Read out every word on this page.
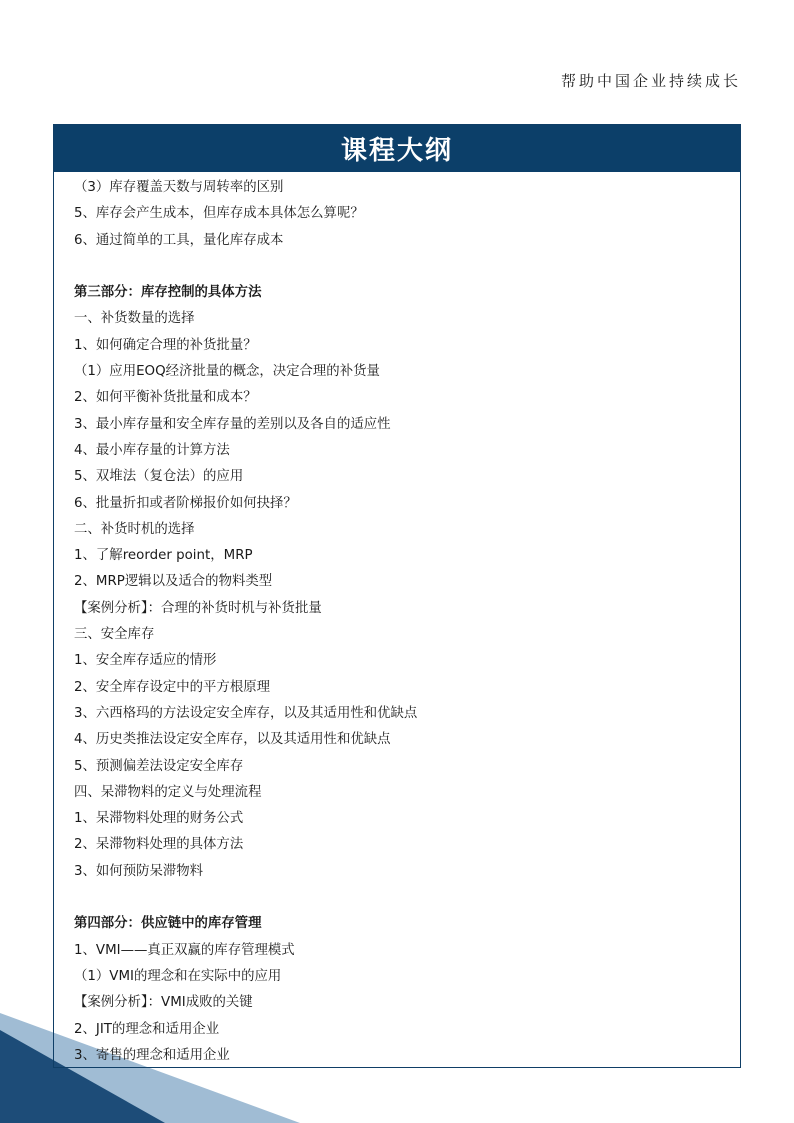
帮助中国企业持续成长
课程大纲
（3）库存覆盖天数与周转率的区别
5、库存会产生成本，但库存成本具体怎么算呢？
6、通过简单的工具，量化库存成本
第三部分：库存控制的具体方法
一、补货数量的选择
1、如何确定合理的补货批量？
（1）应用EOQ经济批量的概念，决定合理的补货量
2、如何平衡补货批量和成本？
3、最小库存量和安全库存量的差别以及各自的适应性
4、最小库存量的计算方法
5、双堆法（复仓法）的应用
6、批量折扣或者阶梯报价如何抉择？
二、补货时机的选择
1、了解reorder point，MRP
2、MRP逻辑以及适合的物料类型
【案例分析】：合理的补货时机与补货批量
三、安全库存
1、安全库存适应的情形
2、安全库存设定中的平方根原理
3、六西格玛的方法设定安全库存，以及其适用性和优缺点
4、历史类推法设定安全库存，以及其适用性和优缺点
5、预测偏差法设定安全库存
四、呆滞物料的定义与处理流程
1、呆滞物料处理的财务公式
2、呆滞物料处理的具体方法
3、如何预防呆滞物料
第四部分：供应链中的库存管理
1、VMI——真正双赢的库存管理模式
（1）VMI的理念和在实际中的应用
【案例分析】：VMI成败的关键
2、JIT的理念和适用企业
3、寄售的理念和适用企业
